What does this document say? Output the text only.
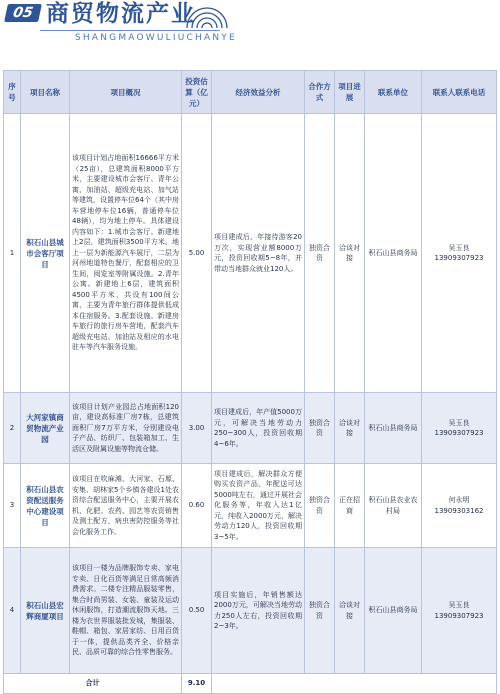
05 商贸物流产业
SHANGMAOWULIUCHANYE
序号	项目名称	项目概况	投资估算（亿元）	经济效益分析	合作方式	项目进展	联系单位	联系人联系电话
1	积石山县城市会客厅项目	该项目计划占地面积16666平方米（25亩），总建筑面积8000平方米，主要建设城市会客厅、青年公寓、加油站、超级充电站、加气站等建筑，设置停车位64个（其中房车营地停车位16辆，普通停车位48辆），均为地上停车。具体建设内容如下：1.城市会客厅。新建地上2层，建筑面积3500平方米。地上一层为新能源汽车展厅，二层为河州地道特色餐厅，配套相应的卫生间，阅览室等附属设施。2.青年公寓。新建地上6层，建筑面积4500平方米，共设有100间公寓，主要为青年旅行群体提供低成本住宿服务。3.配套设施。新建房车旅行的旅行房车营地，配套汽车超级充电站、加油站及相应的水电驻车等汽车服务设施。	5.00	项目建成后，年接待游客20万次，实现营业额8000万元，投资回收期5~8年，并带动当地群众就业120人。	独资合资	洽谈对接	积石山县商务局	吴玉良 13909307923
2	大河家镇商贸物流产业园	该项目计划产业园总占地面积120亩，建设高标准厂房7栋，总建筑面积厂房7万平方米，分别建设电子产品、纺织厂、包装箱加工、生活区及附属设施等物流仓储。	3.00	项目建成后，年产值5000万元，可解决当地劳动力250~300人，投资回收期4~6年。	独资合资	洽谈对接	积石山县商务局	吴玉良 13909307923
3	积石山县农资配送服务中心建设项目	该项目在吹麻滩、大河家、石塬、安集、胡林家5个乡镇各建设1处农资综合配送服务中心，主要开展农机、化肥、农药、园艺等农资销售及测土配方，病虫害防控服务等社会化服务工作。	0.60	项目建成后，解决群众方便购买农资产品，年配送可达5000吨左右，通过开展社会化服务等，年收入达1亿元，纯收入2000万元，解决劳动力120人，投资回收期3~5年。	独资合资	正在招商	积石山县农业农村局	何永明 13909303162
4	积石山县宏辉商厦项目	该项目一楼为品牌服饰专卖、家电专卖、日化百货等满足日常高频消费需求。二楼专注精品服装零售，集合时尚男装、女装、童装及运动休闲服饰，打造潮流服饰天地。三楼为衣世界服装批发城，集服装、鞋帽、箱包、家居家纺、日用百货于一体，提供品类齐全、价格亲民、品质可靠的综合性零售服务。	0.50	项目实施后，年销售额达2000万元，可解决当地劳动力250人左右，投资回收期2~3年。	独资合资	洽谈对接	积石山县商务局	吴玉良 13909307923
合计			9.10					
